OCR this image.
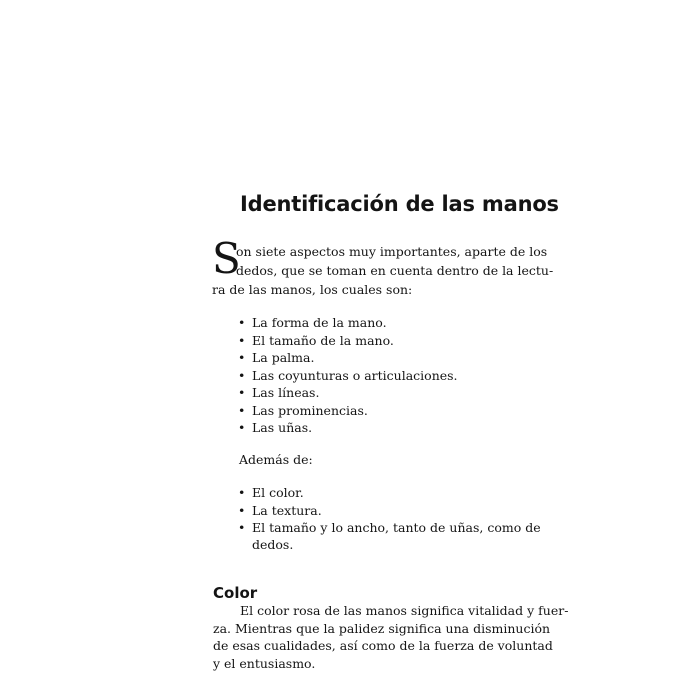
Identificación de las manos
S
on siete aspectos muy importantes, aparte de los
dedos, que se toman en cuenta dentro de la lectu-
ra de las manos, los cuales son:
• La forma de la mano.
• El tamaño de la mano.
• La palma.
• Las coyunturas o articulaciones.
• Las líneas.
• Las prominencias.
• Las uñas.
Además de:
• El color.
• La textura.
• El tamaño y lo ancho, tanto de uñas, como de dedos.
Color
El color rosa de las manos significa vitalidad y fuer-
za. Mientras que la palidez significa una disminución
de esas cualidades, así como de la fuerza de voluntad
y el entusiasmo.
